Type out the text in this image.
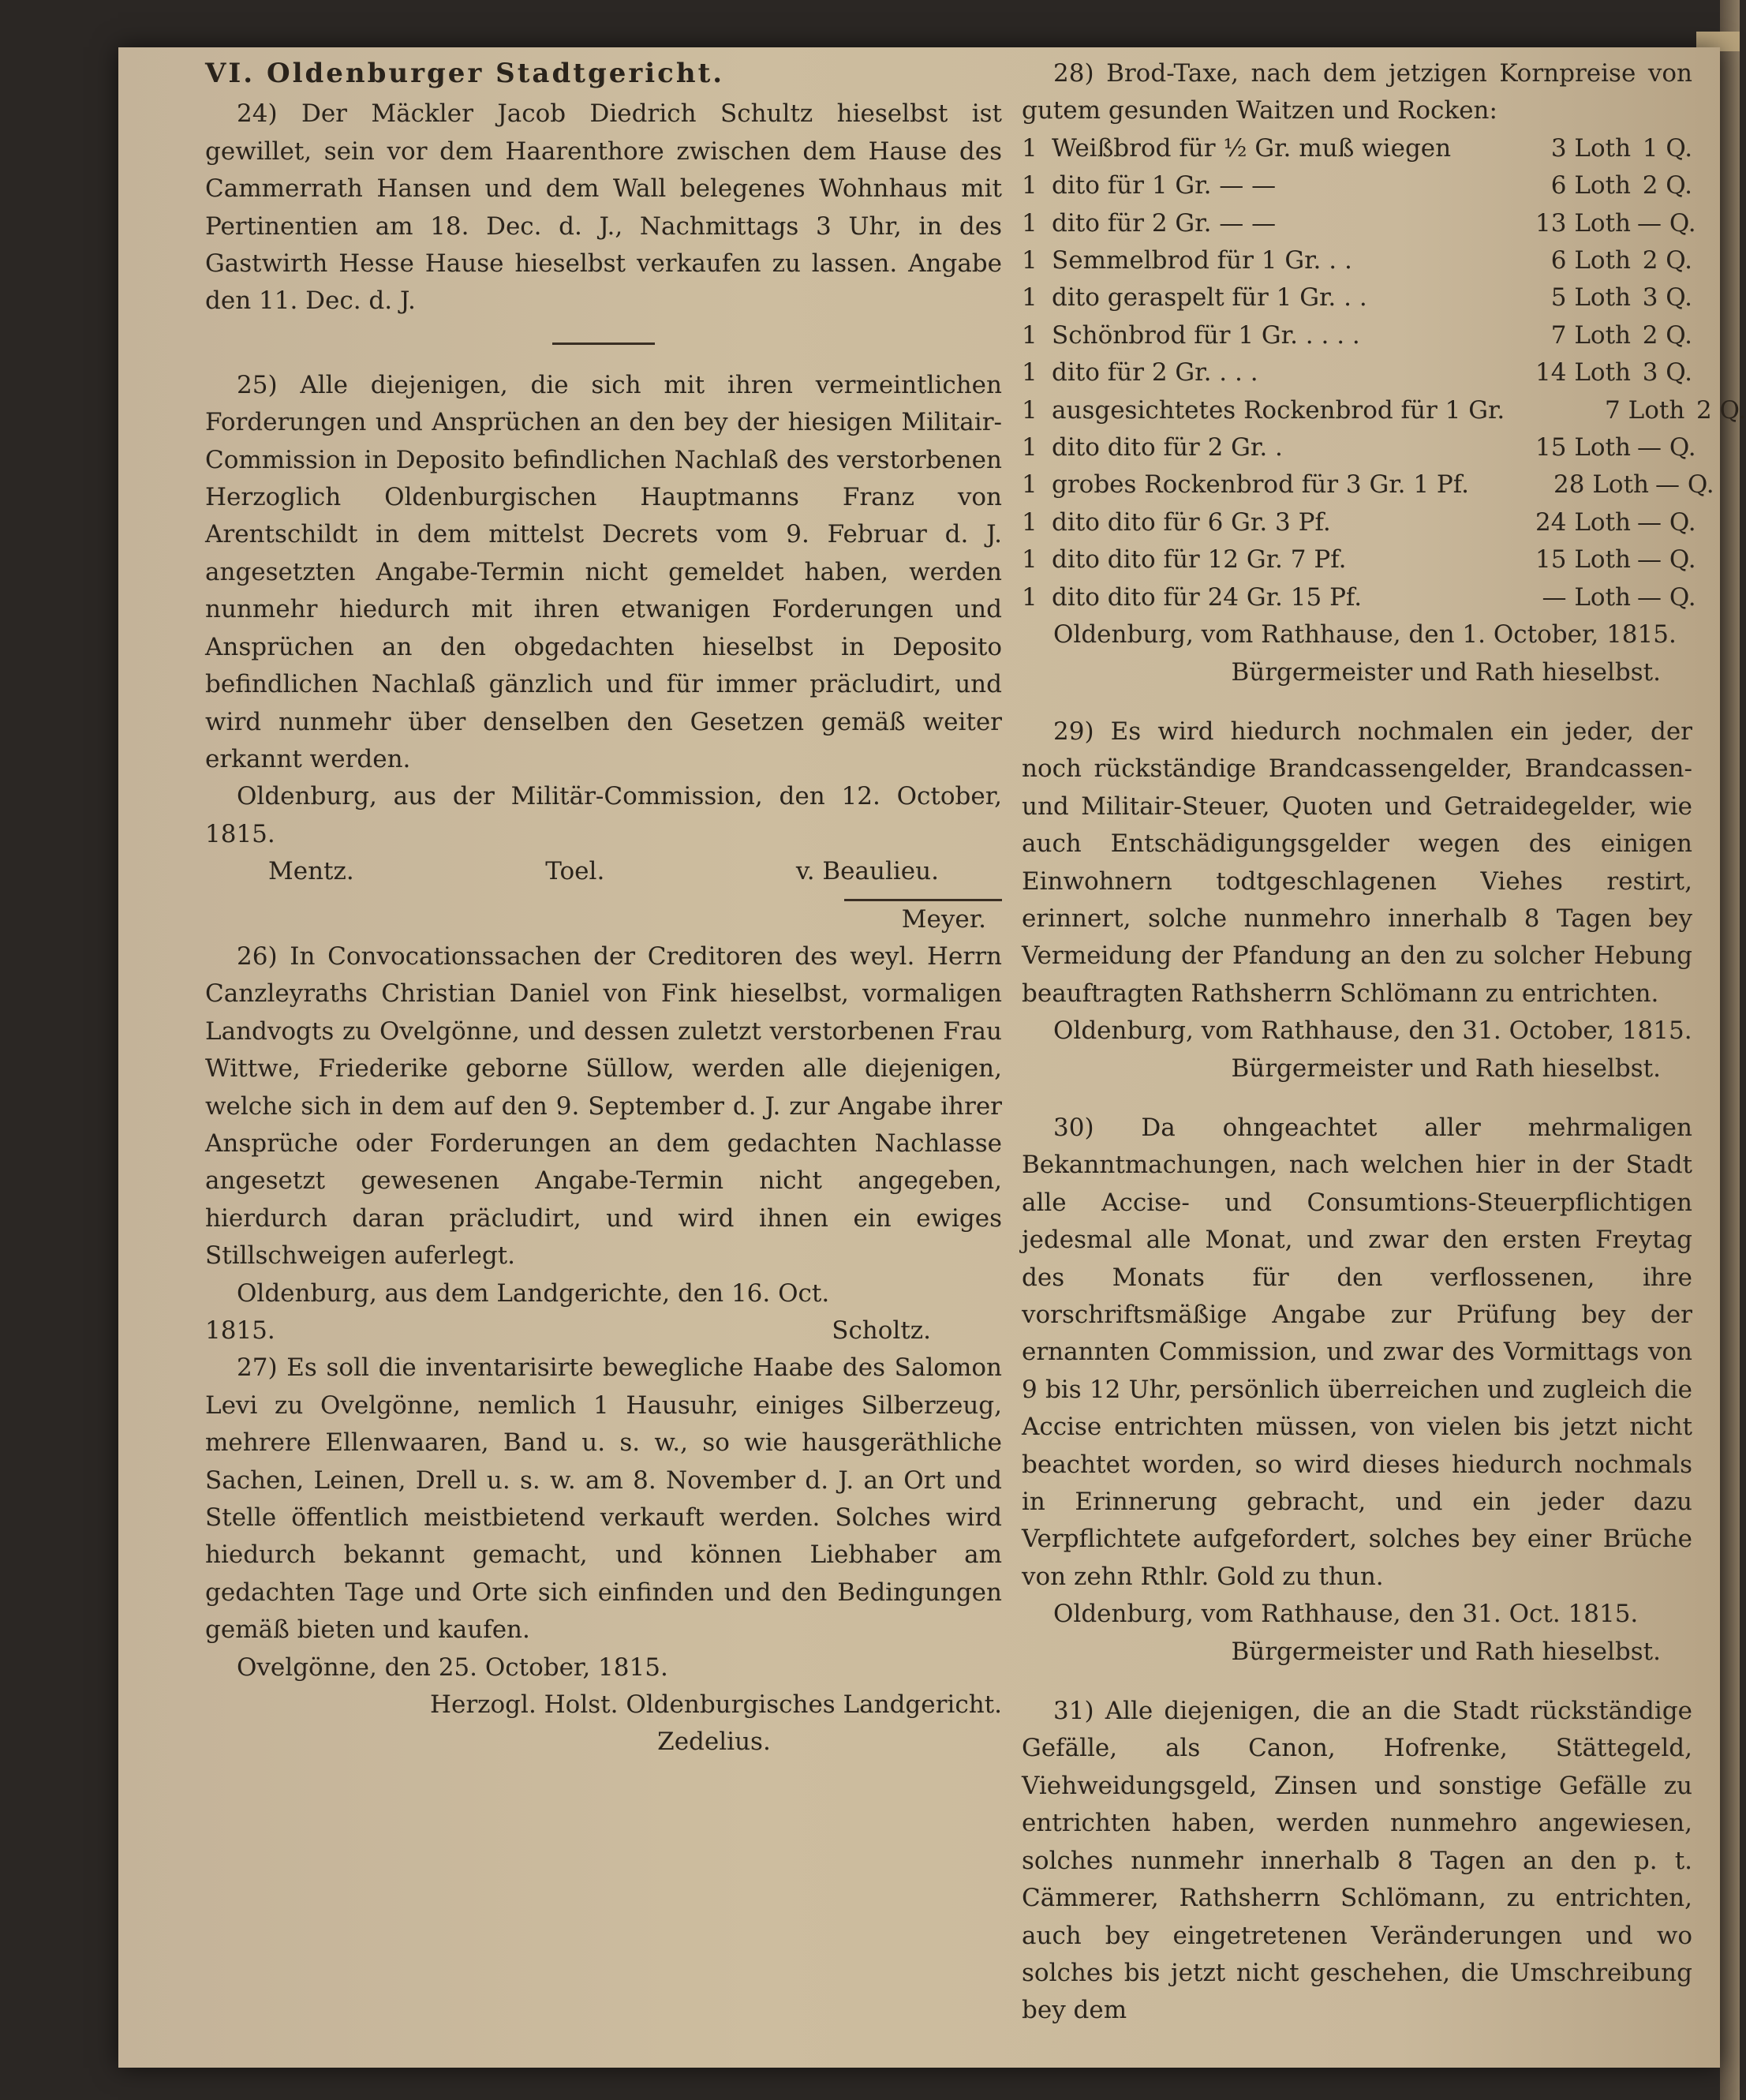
VI. Oldenburger Stadtgericht.

24) Der Mäckler Jacob Diedrich Schultz hieselbst ist gewillet, sein vor dem Haarenthore zwischen dem Hause des Cammerrath Hansen und dem Wall belegenes Wohnhaus mit Pertinentien am 18. Dec. d. J., Nachmittags 3 Uhr, in des Gastwirth Hesse Hause hieselbst verkaufen zu lassen. Angabe den 11. Dec. d. J.

25) Alle diejenigen, die sich mit ihren vermeintlichen Forderungen und Ansprüchen an den bey der hiesigen Militair-Commission in Deposito befindlichen Nachlaß des verstorbenen Herzoglich Oldenburgischen Hauptmanns Franz von Arentschildt in dem mittelst Decrets vom 9. Februar d. J. angesetzten Angabe-Termin nicht gemeldet haben, werden nunmehr hiedurch mit ihren etwanigen Forderungen und Ansprüchen an den obgedachten hieselbst in Deposito befindlichen Nachlaß gänzlich und für immer präcludirt, und wird nunmehr über denselben den Gesetzen gemäß weiter erkannt werden.

Oldenburg, aus der Militär-Commission, den 12. October, 1815.

Mentz.	Toel.	v. Beaulieu.

Meyer.

26) In Convocationssachen der Creditoren des weyl. Herrn Canzleyraths Christian Daniel von Fink hieselbst, vormaligen Landvogts zu Ovelgönne, und dessen zuletzt verstorbenen Frau Wittwe, Friederike geborne Süllow, werden alle diejenigen, welche sich in dem auf den 9. September d. J. zur Angabe ihrer Ansprüche oder Forderungen an dem gedachten Nachlasse angesetzt gewesenen Angabe-Termin nicht angegeben, hierdurch daran präcludirt, und wird ihnen ein ewiges Stillschweigen auferlegt.

Oldenburg, aus dem Landgerichte, den 16. Oct.

1815.	Scholtz.

27) Es soll die inventarisirte bewegliche Haabe des Salomon Levi zu Ovelgönne, nemlich 1 Hausuhr, einiges Silberzeug, mehrere Ellenwaaren, Band u. s. w., so wie hausgeräthliche Sachen, Leinen, Drell u. s. w. am 8. November d. J. an Ort und Stelle öffentlich meistbietend verkauft werden. Solches wird hiedurch bekannt gemacht, und können Liebhaber am gedachten Tage und Orte sich einfinden und den Bedingungen gemäß bieten und kaufen.

Ovelgönne, den 25. October, 1815.

Herzogl. Holst. Oldenburgisches Landgericht.

Zedelius.

28) Brod-Taxe, nach dem jetzigen Kornpreise von gutem gesunden Waitzen und Rocken:

1 Weißbrod für ½ Gr. muß wiegen	3 Loth 1 Q.
1 dito für 1 Gr. — —	6 Loth 2 Q.
1 dito für 2 Gr. — —	13 Loth — Q.
1 Semmelbrod für 1 Gr. . .	6 Loth 2 Q.
1 dito geraspelt für 1 Gr. . .	5 Loth 3 Q.
1 Schönbrod für 1 Gr. . . . .	7 Loth 2 Q.
1 dito für 2 Gr. . . .	14 Loth 3 Q.
1 ausgesichtetes Rockenbrod für 1 Gr.	7 Loth 2 Q.
1 dito dito für 2 Gr. .	15 Loth — Q.
1 grobes Rockenbrod für 3 Gr. 1 Pf.	28 Loth — Q.
1 dito dito für 6 Gr. 3 Pf.	24 Loth — Q.
1 dito dito für 12 Gr. 7 Pf.	15 Loth — Q.
1 dito dito für 24 Gr. 15 Pf.	— Loth — Q.

Oldenburg, vom Rathhause, den 1. October, 1815.

Bürgermeister und Rath hieselbst.

29) Es wird hiedurch nochmalen ein jeder, der noch rückständige Brandcassengelder, Brandcassen- und Militair-Steuer, Quoten und Getraidegelder, wie auch Entschädigungsgelder wegen des einigen Einwohnern todtgeschlagenen Viehes restirt, erinnert, solche nunmehro innerhalb 8 Tagen bey Vermeidung der Pfandung an den zu solcher Hebung beauftragten Rathsherrn Schlömann zu entrichten.

Oldenburg, vom Rathhause, den 31. October, 1815.

Bürgermeister und Rath hieselbst.

30) Da ohngeachtet aller mehrmaligen Bekanntmachungen, nach welchen hier in der Stadt alle Accise- und Consumtions-Steuerpflichtigen jedesmal alle Monat, und zwar den ersten Freytag des Monats für den verflossenen, ihre vorschriftsmäßige Angabe zur Prüfung bey der ernannten Commission, und zwar des Vormittags von 9 bis 12 Uhr, persönlich überreichen und zugleich die Accise entrichten müssen, von vielen bis jetzt nicht beachtet worden, so wird dieses hiedurch nochmals in Erinnerung gebracht, und ein jeder dazu Verpflichtete aufgefordert, solches bey einer Brüche von zehn Rthlr. Gold zu thun.

Oldenburg, vom Rathhause, den 31. Oct. 1815.

Bürgermeister und Rath hieselbst.

31) Alle diejenigen, die an die Stadt rückständige Gefälle, als Canon, Hofrenke, Stättegeld, Viehweidungsgeld, Zinsen und sonstige Gefälle zu entrichten haben, werden nunmehro angewiesen, solches nunmehr innerhalb 8 Tagen an den p. t. Cämmerer, Rathsherrn Schlömann, zu entrichten, auch bey eingetretenen Veränderungen und wo solches bis jetzt nicht geschehen, die Umschreibung bey dem
